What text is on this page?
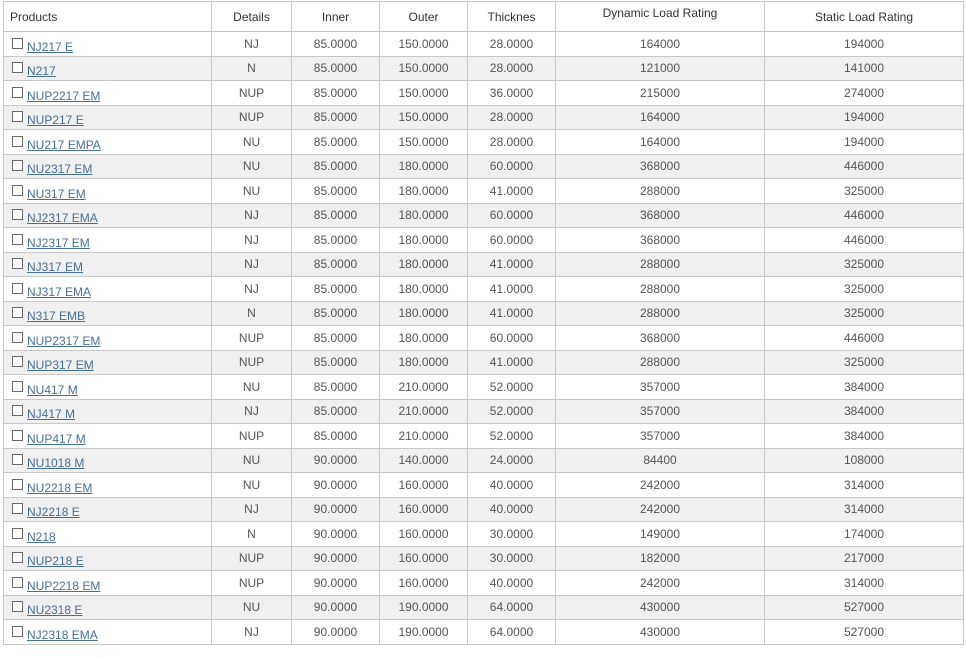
Products	Details	Inner	Outer	Thicknes	Dynamic Load Rating	Static Load Rating
NJ217 E	NJ	85.0000	150.0000	28.0000	164000	194000
N217	N	85.0000	150.0000	28.0000	121000	141000
NUP2217 EM	NUP	85.0000	150.0000	36.0000	215000	274000
NUP217 E	NUP	85.0000	150.0000	28.0000	164000	194000
NU217 EMPA	NU	85.0000	150.0000	28.0000	164000	194000
NU2317 EM	NU	85.0000	180.0000	60.0000	368000	446000
NU317 EM	NU	85.0000	180.0000	41.0000	288000	325000
NJ2317 EMA	NJ	85.0000	180.0000	60.0000	368000	446000
NJ2317 EM	NJ	85.0000	180.0000	60.0000	368000	446000
NJ317 EM	NJ	85.0000	180.0000	41.0000	288000	325000
NJ317 EMA	NJ	85.0000	180.0000	41.0000	288000	325000
N317 EMB	N	85.0000	180.0000	41.0000	288000	325000
NUP2317 EM	NUP	85.0000	180.0000	60.0000	368000	446000
NUP317 EM	NUP	85.0000	180.0000	41.0000	288000	325000
NU417 M	NU	85.0000	210.0000	52.0000	357000	384000
NJ417 M	NJ	85.0000	210.0000	52.0000	357000	384000
NUP417 M	NUP	85.0000	210.0000	52.0000	357000	384000
NU1018 M	NU	90.0000	140.0000	24.0000	84400	108000
NU2218 EM	NU	90.0000	160.0000	40.0000	242000	314000
NJ2218 E	NJ	90.0000	160.0000	40.0000	242000	314000
N218	N	90.0000	160.0000	30.0000	149000	174000
NUP218 E	NUP	90.0000	160.0000	30.0000	182000	217000
NUP2218 EM	NUP	90.0000	160.0000	40.0000	242000	314000
NU2318 E	NU	90.0000	190.0000	64.0000	430000	527000
NJ2318 EMA	NJ	90.0000	190.0000	64.0000	430000	527000
